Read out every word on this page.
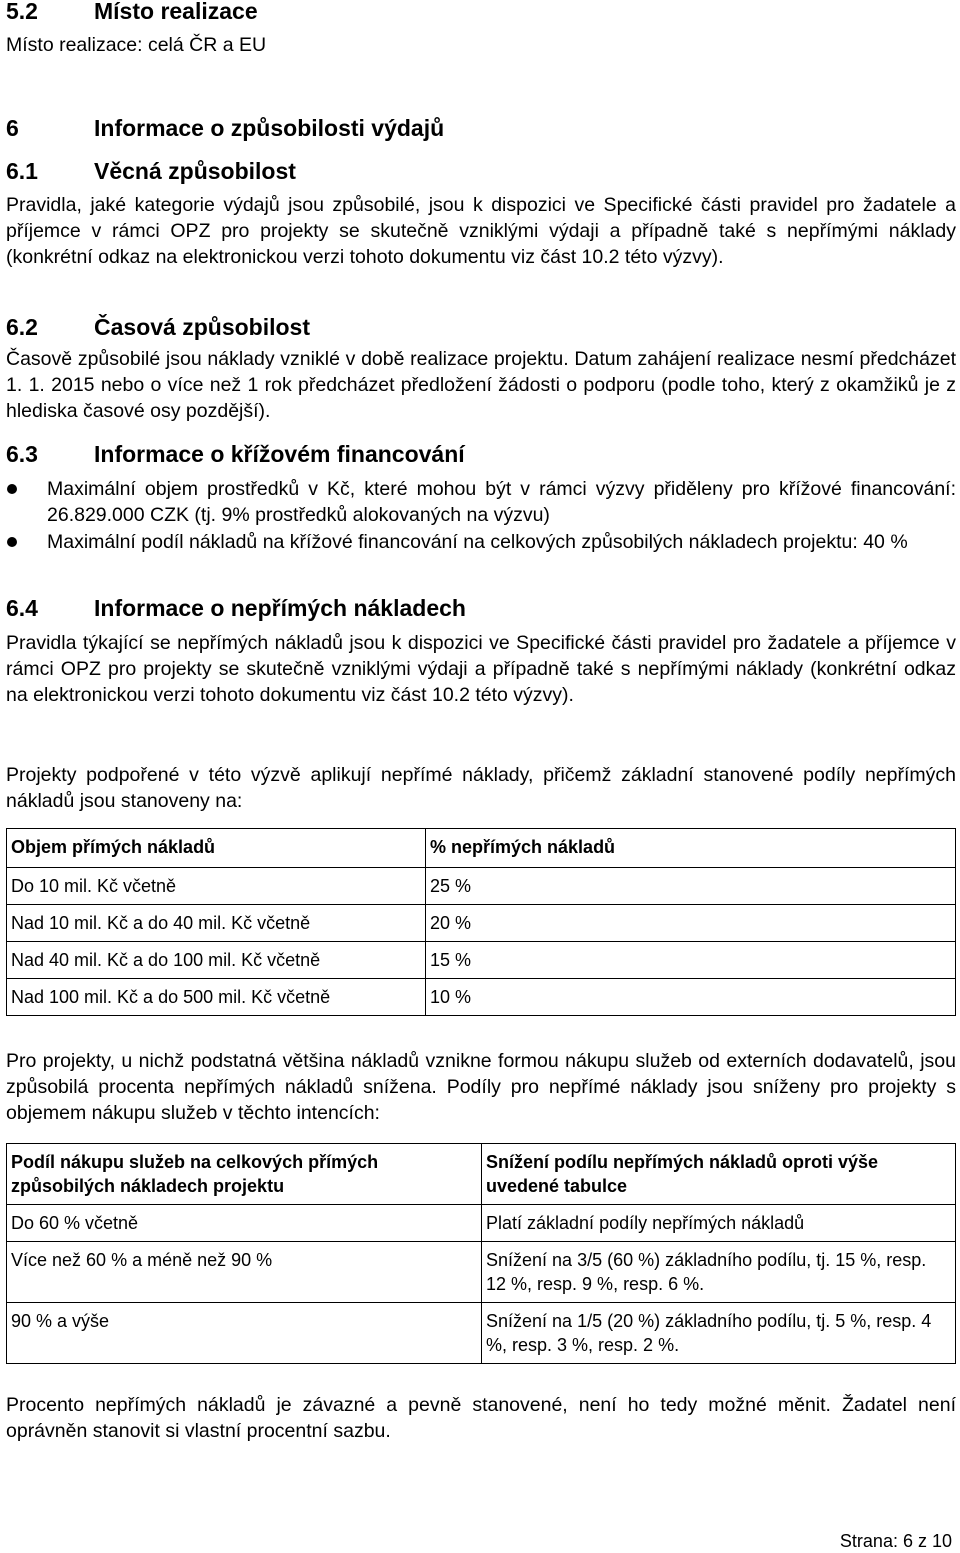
5.2 Místo realizace
Místo realizace: celá ČR a EU
6	Informace o způsobilosti výdajů
6.1 Věcná způsobilost
Pravidla, jaké kategorie výdajů jsou způsobilé, jsou k dispozici ve Specifické části pravidel pro žadatele a příjemce v rámci OPZ pro projekty se skutečně vzniklými výdaji a případně také s nepřímými náklady (konkrétní odkaz na elektronickou verzi tohoto dokumentu viz část 10.2 této výzvy).
6.2 Časová způsobilost
Časově způsobilé jsou náklady vzniklé v době realizace projektu. Datum zahájení realizace nesmí předcházet 1. 1. 2015 nebo o více než 1 rok předcházet předložení žádosti o podporu (podle toho, který z okamžiků je z hlediska časové osy pozdější).
6.3 Informace o křížovém financování
Maximální objem prostředků v Kč, které mohou být v rámci výzvy přiděleny pro křížové financování: 26.829.000 CZK (tj. 9% prostředků alokovaných na výzvu)
Maximální podíl nákladů na křížové financování na celkových způsobilých nákladech projektu: 40 %
6.4 Informace o nepřímých nákladech
Pravidla týkající se nepřímých nákladů jsou k dispozici ve Specifické části pravidel pro žadatele a příjemce v rámci OPZ pro projekty se skutečně vzniklými výdaji a případně také s nepřímými náklady (konkrétní odkaz na elektronickou verzi tohoto dokumentu viz část 10.2 této výzvy).
Projekty podpořené v této výzvě aplikují nepřímé náklady, přičemž základní stanovené podíly nepřímých nákladů jsou stanoveny na:
Objem přímých nákladů	% nepřímých nákladů
Do 10 mil. Kč včetně	25 %
Nad 10 mil. Kč a do 40 mil. Kč včetně	20 %
Nad 40 mil. Kč a do 100 mil. Kč včetně	15 %
Nad 100 mil. Kč a do 500 mil. Kč včetně	10 %
Pro projekty, u nichž podstatná většina nákladů vznikne formou nákupu služeb od externích dodavatelů, jsou způsobilá procenta nepřímých nákladů snížena. Podíly pro nepřímé náklady jsou sníženy pro projekty s objemem nákupu služeb v těchto intencích:
Podíl nákupu služeb na celkových přímých způsobilých nákladech projektu	Snížení podílu nepřímých nákladů oproti výše uvedené tabulce
Do 60 % včetně	Platí základní podíly nepřímých nákladů
Více než 60 % a méně než 90 %	Snížení na 3/5 (60 %) základního podílu, tj. 15 %, resp. 12 %, resp. 9 %, resp. 6 %.
90 % a výše	Snížení na 1/5 (20 %) základního podílu, tj. 5 %, resp. 4 %, resp. 3 %, resp. 2 %.
Procento nepřímých nákladů je závazné a pevně stanovené, není ho tedy možné měnit. Žadatel není oprávněn stanovit si vlastní procentní sazbu.
Strana: 6 z 10
